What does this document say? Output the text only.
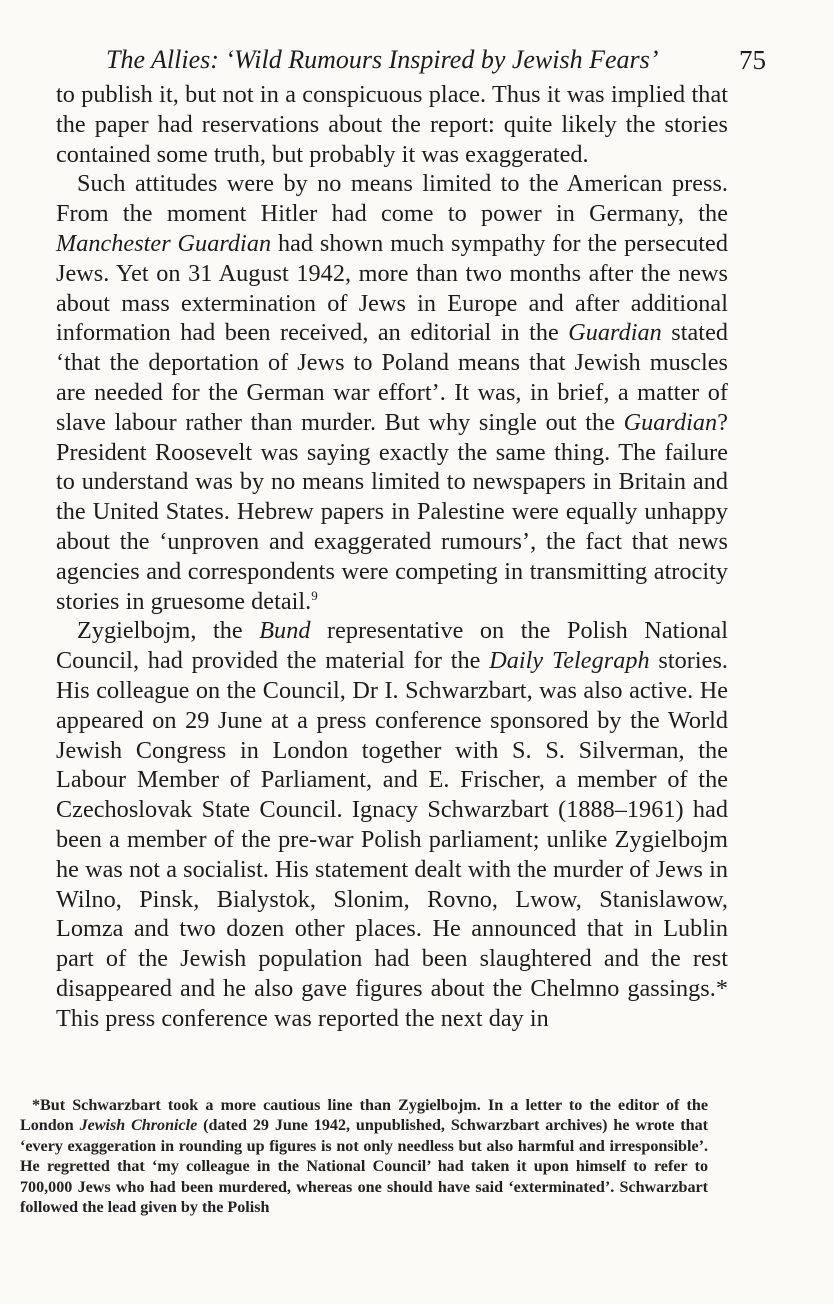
The Allies: ‘Wild Rumours Inspired by Jewish Fears’	75

to publish it, but not in a conspicuous place. Thus it was implied that the paper had reservations about the report: quite likely the stories contained some truth, but probably it was exaggerated.

Such attitudes were by no means limited to the American press. From the moment Hitler had come to power in Germany, the Manchester Guardian had shown much sympathy for the persecuted Jews. Yet on 31 August 1942, more than two months after the news about mass extermination of Jews in Europe and after additional information had been received, an editorial in the Guardian stated ‘that the deportation of Jews to Poland means that Jewish muscles are needed for the German war effort’. It was, in brief, a matter of slave labour rather than murder. But why single out the Guardian? President Roosevelt was saying exactly the same thing. The failure to understand was by no means limited to newspapers in Britain and the United States. Hebrew papers in Palestine were equally unhappy about the ‘unproven and exaggerated rumours’, the fact that news agencies and correspondents were competing in transmitting atrocity stories in gruesome detail.$^9$

Zygielbojm, the Bund representative on the Polish National Council, had provided the material for the Daily Telegraph stories. His colleague on the Council, Dr I. Schwarzbart, was also active. He appeared on 29 June at a press conference sponsored by the World Jewish Congress in London together with S. S. Silverman, the Labour Member of Parliament, and E. Frischer, a member of the Czechoslovak State Council. Ignacy Schwarzbart (1888–1961) had been a member of the pre-war Polish parliament; unlike Zygielbojm he was not a socialist. His statement dealt with the murder of Jews in Wilno, Pinsk, Bialystok, Slonim, Rovno, Lwow, Stanislawow, Lomza and two dozen other places. He announced that in Lublin part of the Jewish population had been slaughtered and the rest disappeared and he also gave figures about the Chelmno gassings.* This press conference was reported the next day in

*But Schwarzbart took a more cautious line than Zygielbojm. In a letter to the editor of the London Jewish Chronicle (dated 29 June 1942, unpublished, Schwarzbart archives) he wrote that ‘every exaggeration in rounding up figures is not only needless but also harmful and irresponsible’. He regretted that ‘my colleague in the National Council’ had taken it upon himself to refer to 700,000 Jews who had been murdered, whereas one should have said ‘exterminated’. Schwarzbart followed the lead given by the Polish
